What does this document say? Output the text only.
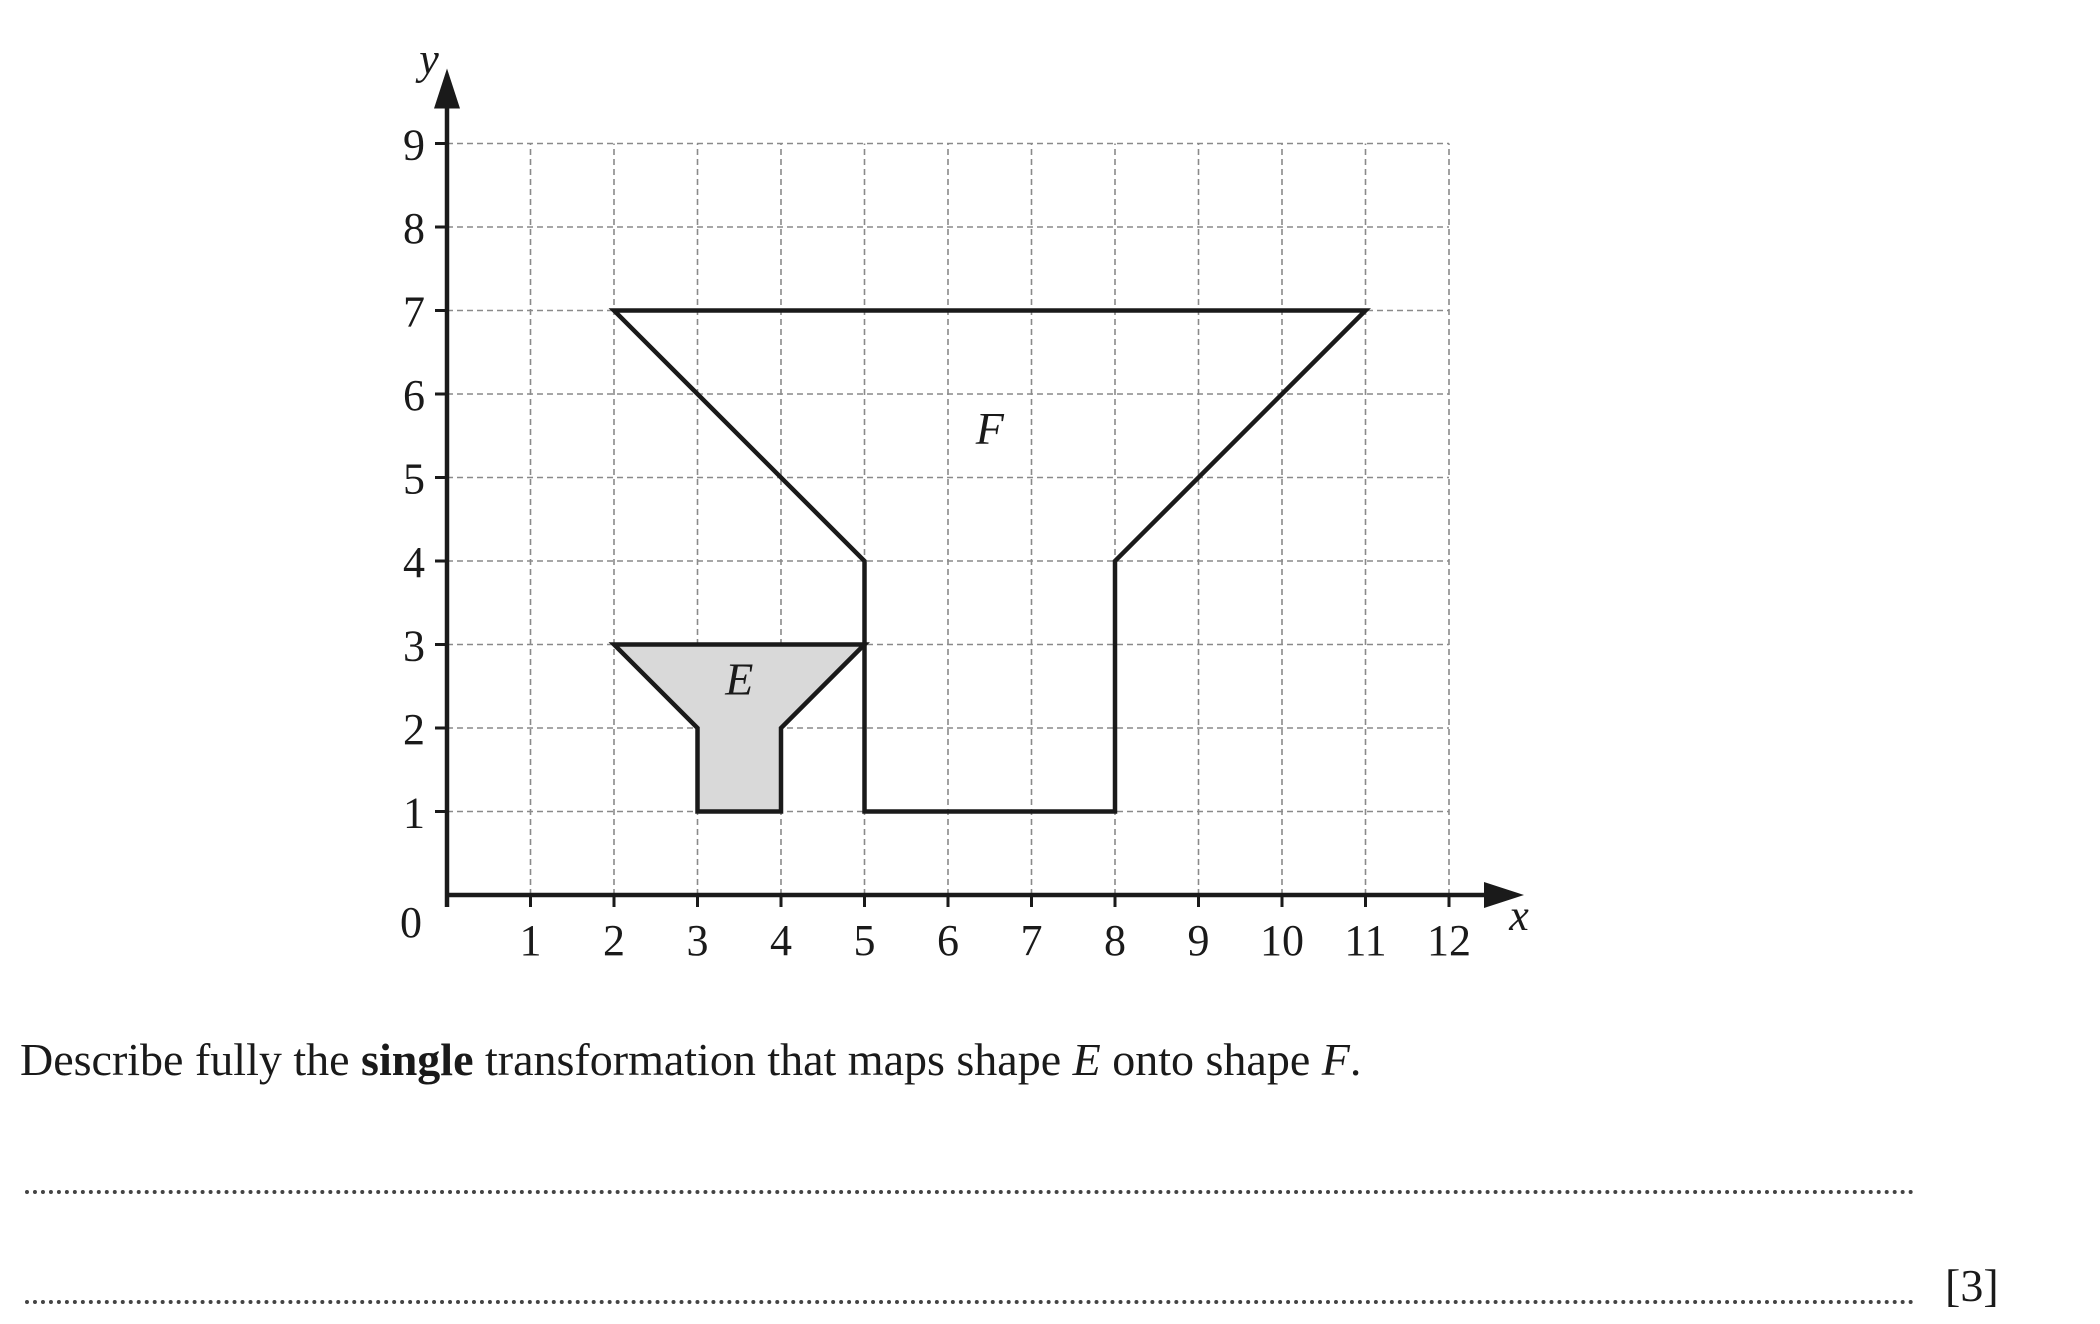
E
F
1 2 3 4 5 6 7 8 9 10 11 12
1
2
3
4
5
6
7
8
9
0	x
y
Describe fully the single transformation that maps shape E onto shape F.
[3]
